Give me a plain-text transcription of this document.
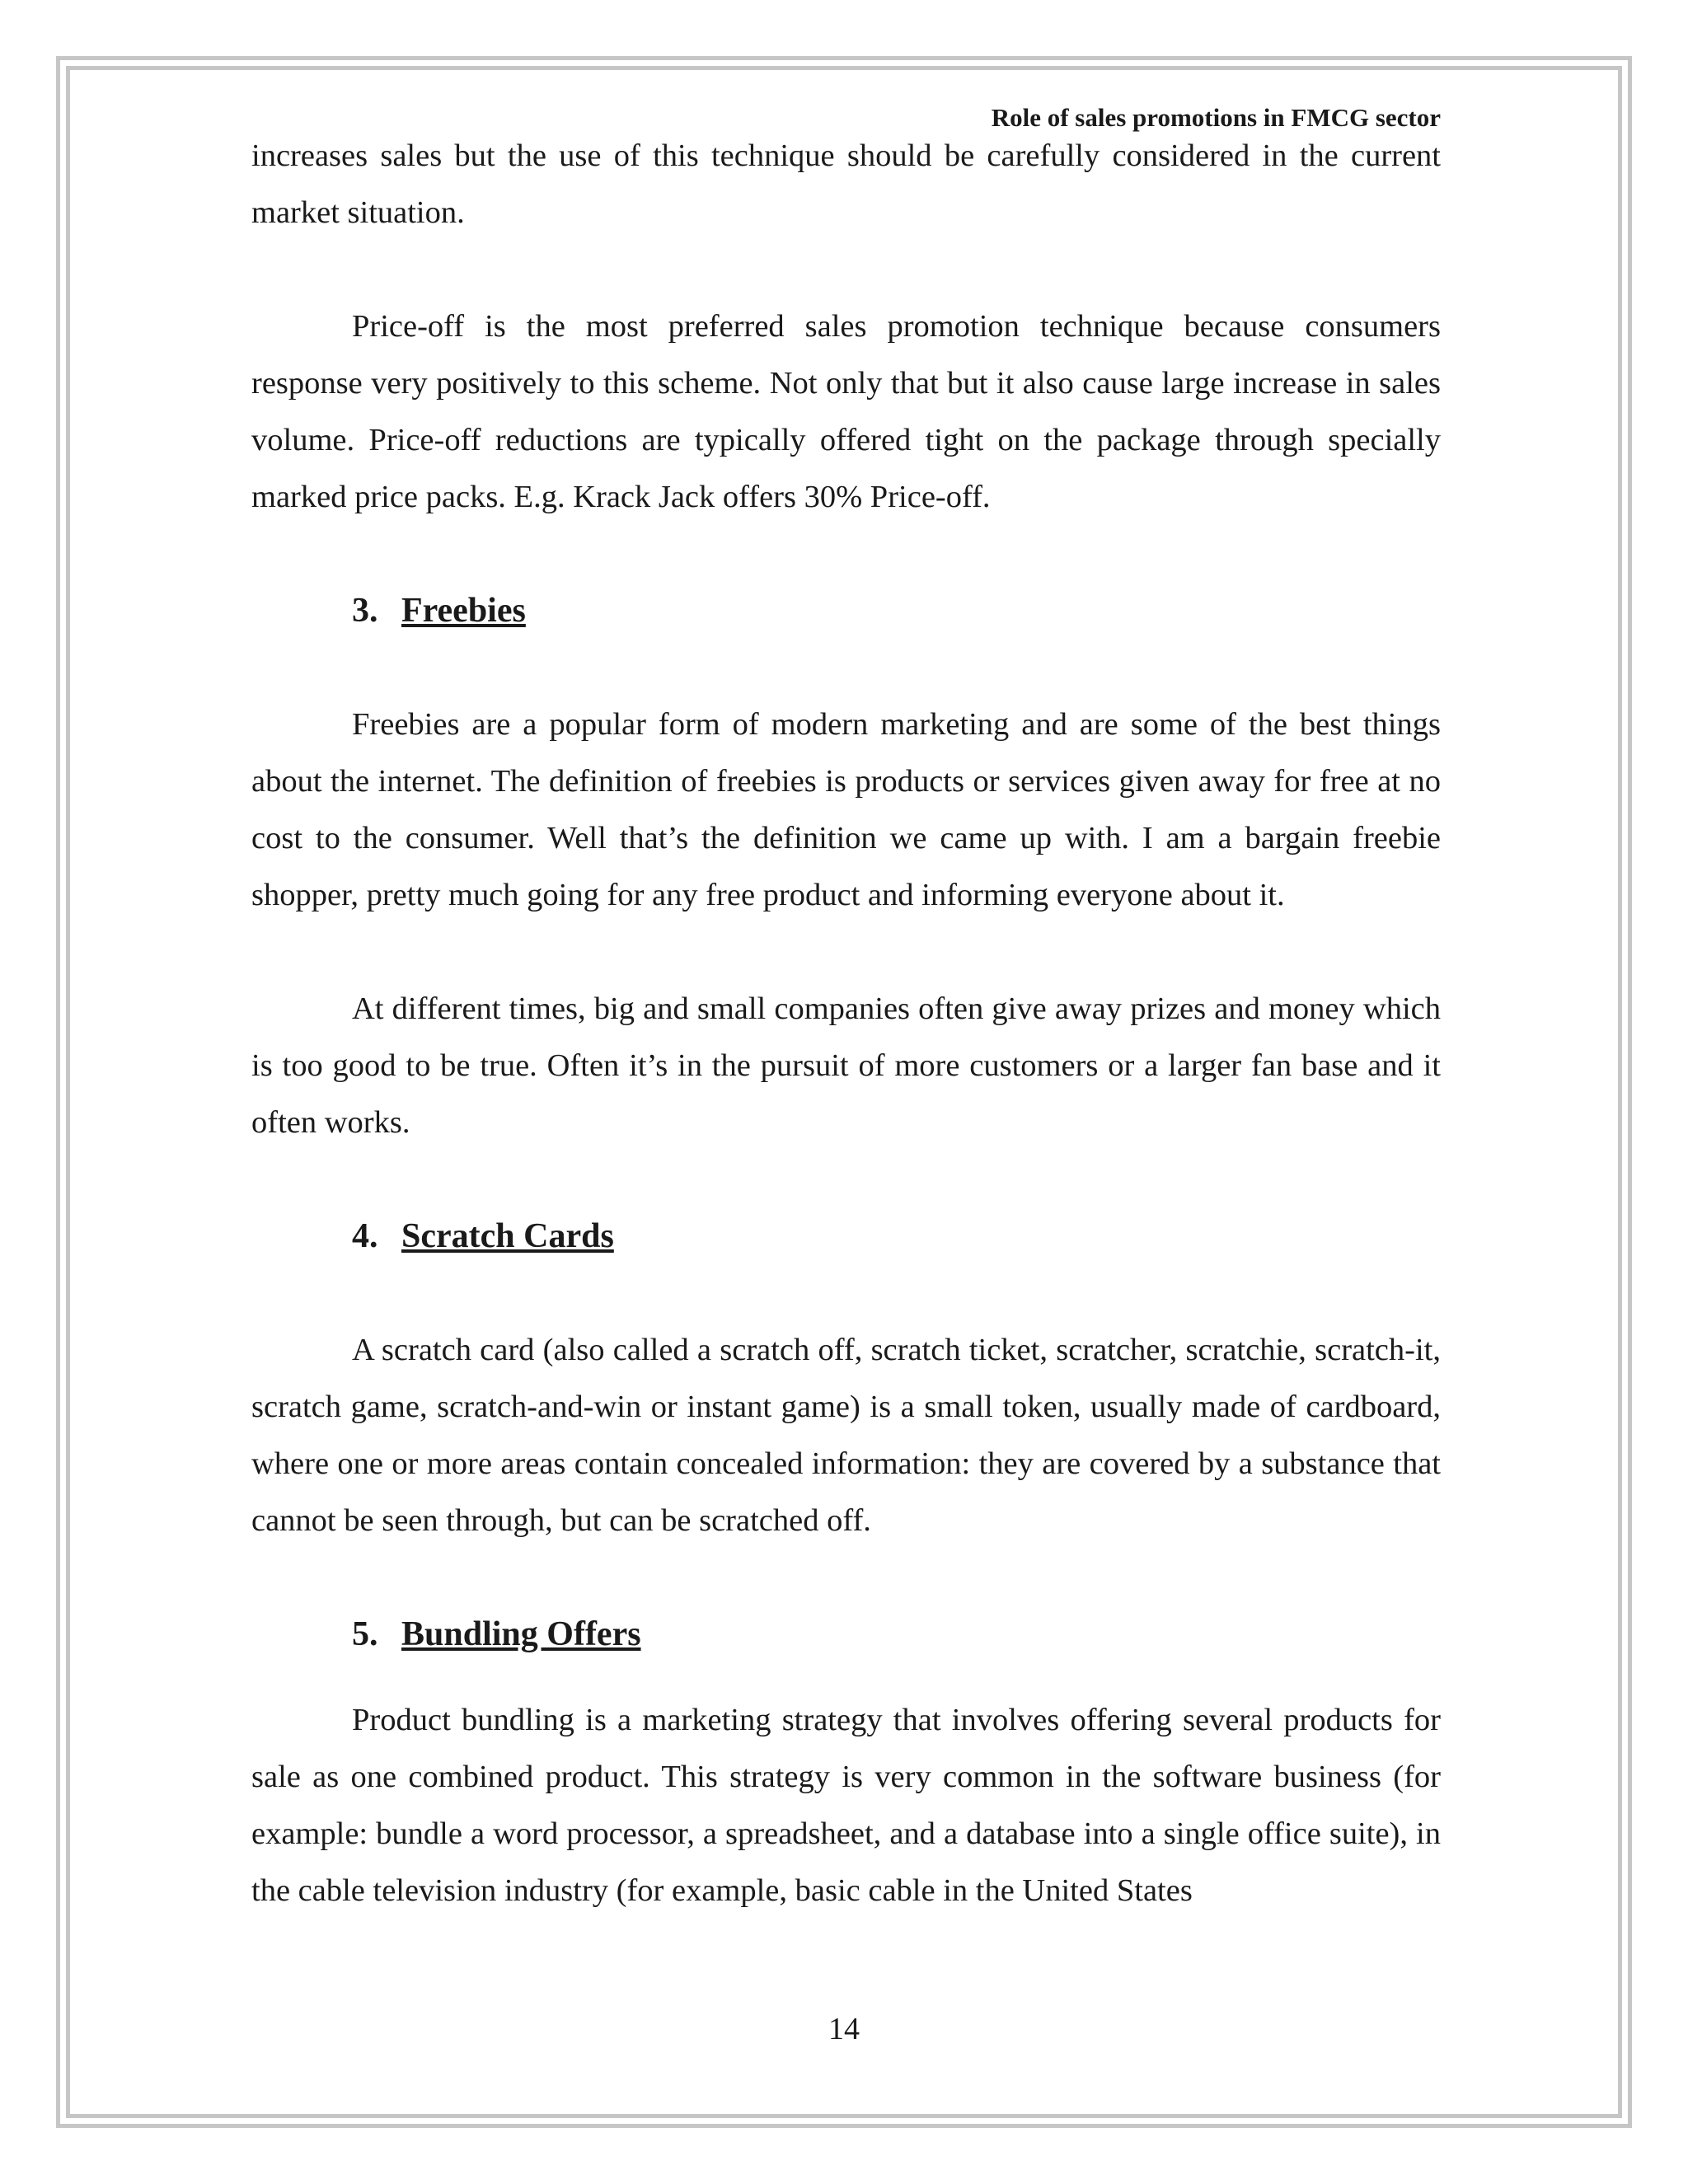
Role of sales promotions in FMCG sector

increases sales but the use of this technique should be carefully considered in the current market situation.

Price-off is the most preferred sales promotion technique because consumers response very positively to this scheme. Not only that but it also cause large increase in sales volume. Price-off reductions are typically offered tight on the package through specially marked price packs. E.g. Krack Jack offers 30% Price-off.

3. Freebies

Freebies are a popular form of modern marketing and are some of the best things about the internet. The definition of freebies is products or services given away for free at no cost to the consumer. Well that’s the definition we came up with. I am a bargain freebie shopper, pretty much going for any free product and informing everyone about it.

At different times, big and small companies often give away prizes and money which is too good to be true. Often it’s in the pursuit of more customers or a larger fan base and it often works.

4. Scratch Cards

A scratch card (also called a scratch off, scratch ticket, scratcher, scratchie, scratch-it, scratch game, scratch-and-win or instant game) is a small token, usually made of cardboard, where one or more areas contain concealed information: they are covered by a substance that cannot be seen through, but can be scratched off.

5. Bundling Offers

Product bundling is a marketing strategy that involves offering several products for sale as one combined product. This strategy is very common in the software business (for example: bundle a word processor, a spreadsheet, and a database into a single office suite), in the cable television industry (for example, basic cable in the United States

14
